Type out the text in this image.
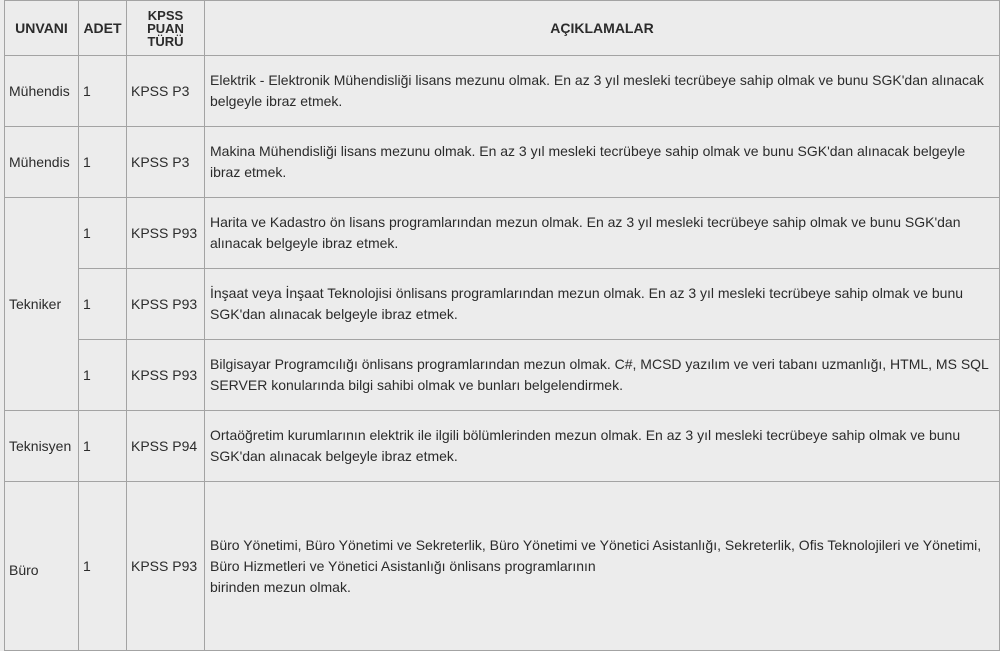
UNVANI	ADET	KPSS
PUAN
TÜRÜ	AÇIKLAMALAR
Mühendis	1	KPSS P3	Elektrik - Elektronik Mühendisliği lisans mezunu olmak. En az 3 yıl mesleki tecrübeye sahip olmak ve bunu SGK'dan alınacak belgeyle ibraz etmek.
Mühendis	1	KPSS P3	Makina Mühendisliği lisans mezunu olmak. En az 3 yıl mesleki tecrübeye sahip olmak ve bunu SGK'dan alınacak belgeyle ibraz etmek.
Tekniker	1	KPSS P93	Harita ve Kadastro ön lisans programlarından mezun olmak. En az 3 yıl mesleki tecrübeye sahip olmak ve bunu SGK'dan alınacak belgeyle ibraz etmek.
	1	KPSS P93	İnşaat veya İnşaat Teknolojisi önlisans programlarından mezun olmak. En az 3 yıl mesleki tecrübeye sahip olmak ve bunu SGK'dan alınacak belgeyle ibraz etmek.
	1	KPSS P93	Bilgisayar Programcılığı önlisans programlarından mezun olmak. C#, MCSD yazılım ve veri tabanı uzmanlığı, HTML, MS SQL SERVER konularında bilgi sahibi olmak ve bunları belgelendirmek.
Teknisyen	1	KPSS P94	Ortaöğretim kurumlarının elektrik ile ilgili bölümlerinden mezun olmak. En az 3 yıl mesleki tecrübeye sahip olmak ve bunu SGK'dan alınacak belgeyle ibraz etmek.
Büro	1	KPSS P93	Büro Yönetimi, Büro Yönetimi ve Sekreterlik, Büro Yönetimi ve Yönetici Asistanlığı, Sekreterlik, Ofis Teknolojileri ve Yönetimi, Büro Hizmetleri ve Yönetici Asistanlığı önlisans programlarının
birinden mezun olmak.
